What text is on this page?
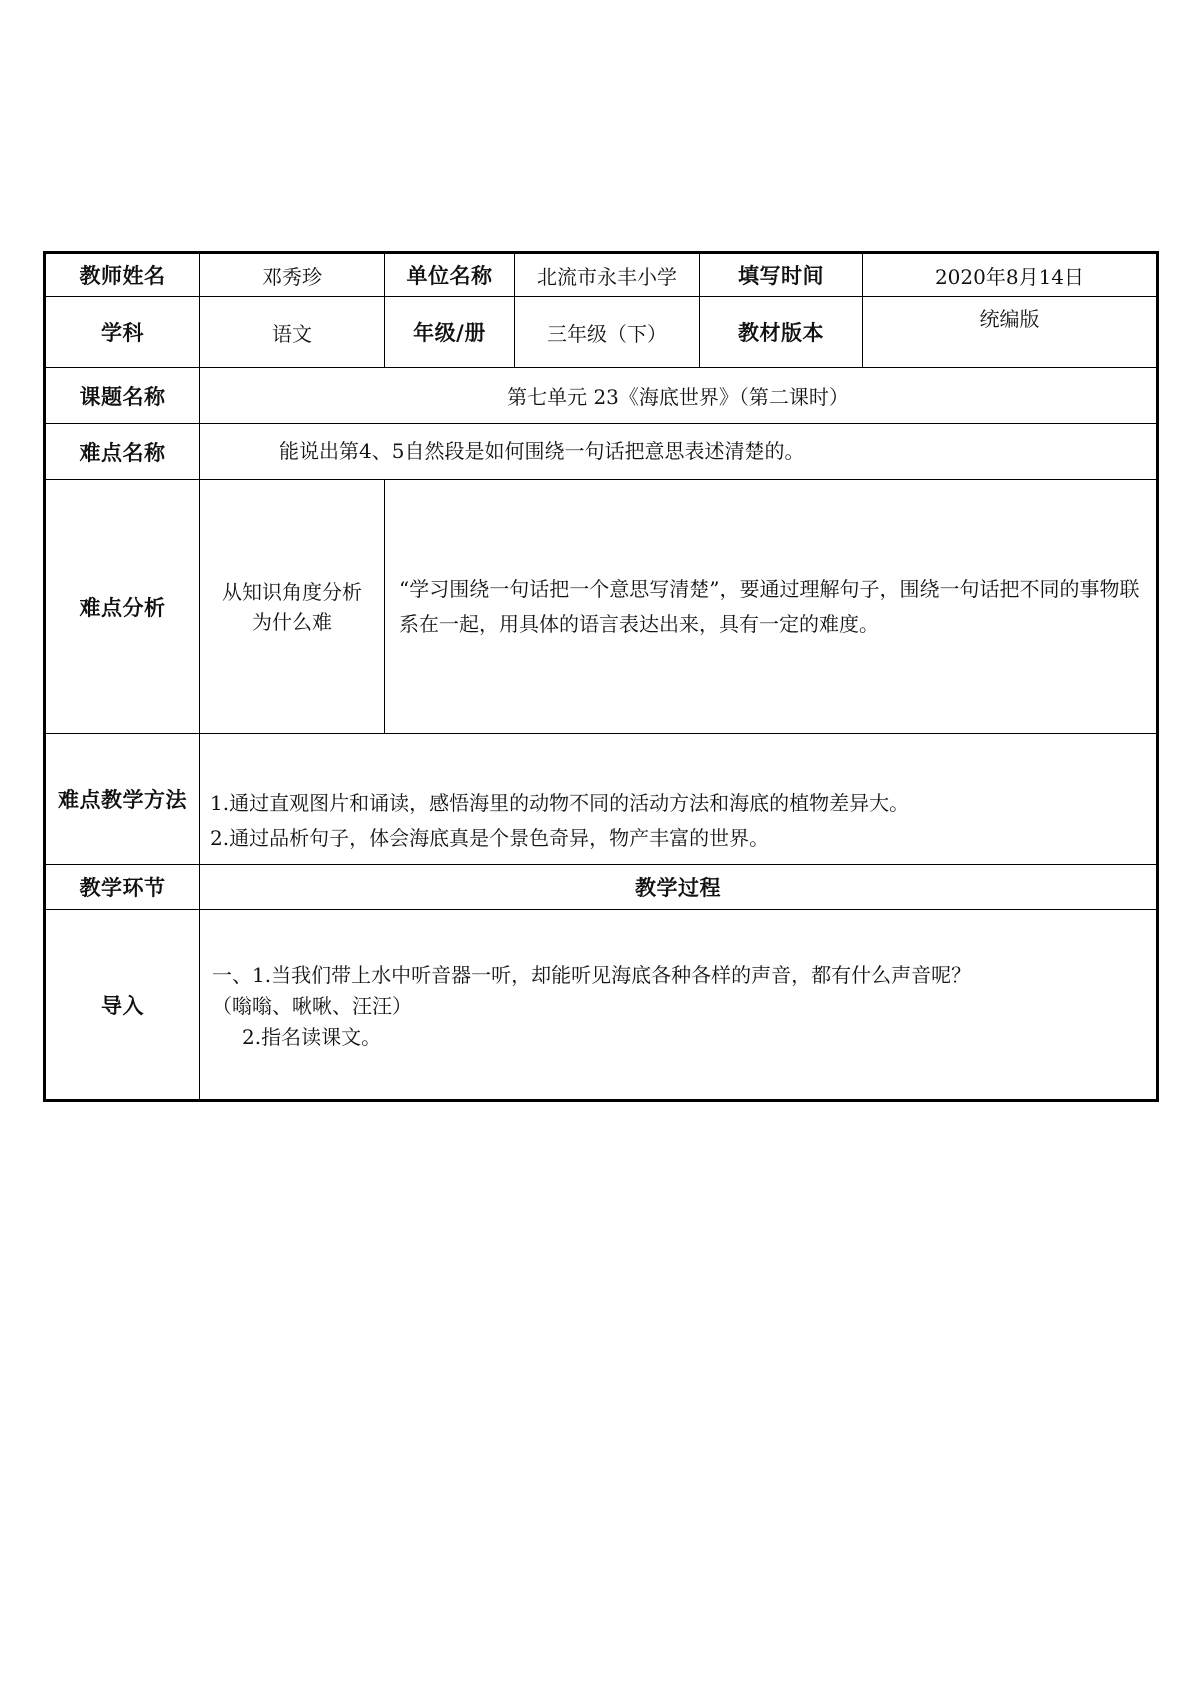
教师姓名	邓秀珍	单位名称	北流市永丰小学	填写时间	2020年8月14日
学科	语文	年级/册	三年级（下）	教材版本	统编版
课题名称	第七单元 23《海底世界》（第二课时）				
难点名称	能说出第4、5自然段是如何围绕一句话把意思表述清楚的。				
难点分析	从知识角度分析为什么难	“学习围绕一句话把一个意思写清楚”，要通过理解句子，围绕一句话把不同的事物联系在一起，用具体的语言表达出来，具有一定的难度。			
难点教学方法	1.通过直观图片和诵读，感悟海里的动物不同的活动方法和海底的植物差异大。
2.通过品析句子，体会海底真是个景色奇异，物产丰富的世界。				

教学环节	教学过程				
导入	一、1.当我们带上水中听音器一听，却能听见海底各种各样的声音，都有什么声音呢？
（嗡嗡、啾啾、汪汪）
2.指名读课文。				
